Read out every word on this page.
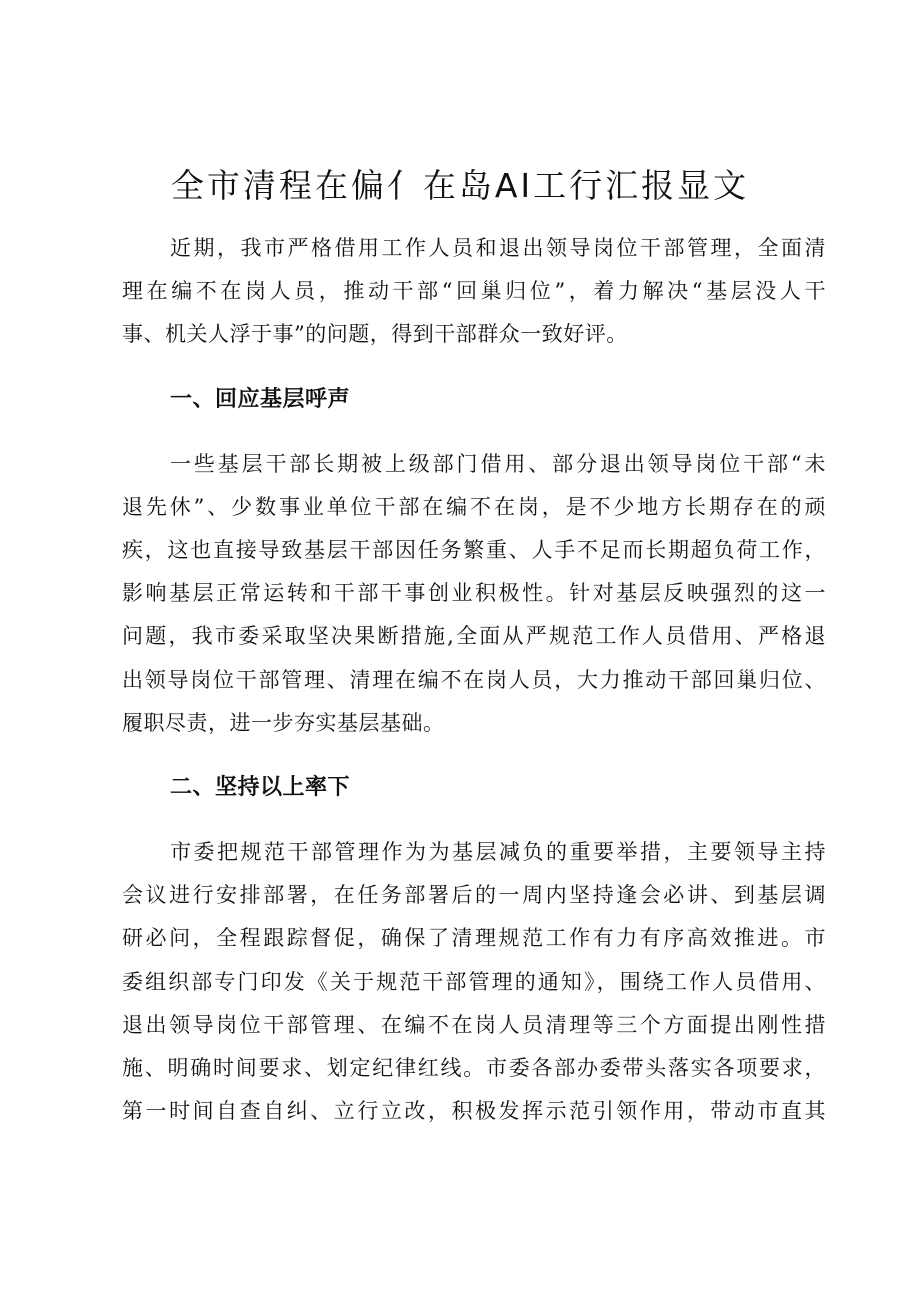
全市清程在偏亻在岛AI工行汇报显文
近期，我市严格借用工作人员和退出领导岗位干部管理，全面清
理在编不在岗人员，推动干部“回巢归位”，着力解决“基层没人干
事、机关人浮于事”的问题，得到干部群众一致好评。
一、回应基层呼声
一些基层干部长期被上级部门借用、部分退出领导岗位干部“未
退先休”、少数事业单位干部在编不在岗，是不少地方长期存在的顽
疾，这也直接导致基层干部因任务繁重、人手不足而长期超负荷工作，
影响基层正常运转和干部干事创业积极性。针对基层反映强烈的这一
问题，我市委采取坚决果断措施,全面从严规范工作人员借用、严格退
出领导岗位干部管理、清理在编不在岗人员，大力推动干部回巢归位、
履职尽责，进一步夯实基层基础。
二、坚持以上率下
市委把规范干部管理作为为基层减负的重要举措，主要领导主持
会议进行安排部署，在任务部署后的一周内坚持逢会必讲、到基层调
研必问，全程跟踪督促，确保了清理规范工作有力有序高效推进。市
委组织部专门印发《关于规范干部管理的通知》，围绕工作人员借用、
退出领导岗位干部管理、在编不在岗人员清理等三个方面提出刚性措
施、明确时间要求、划定纪律红线。市委各部办委带头落实各项要求，
第一时间自查自纠、立行立改，积极发挥示范引领作用，带动市直其
